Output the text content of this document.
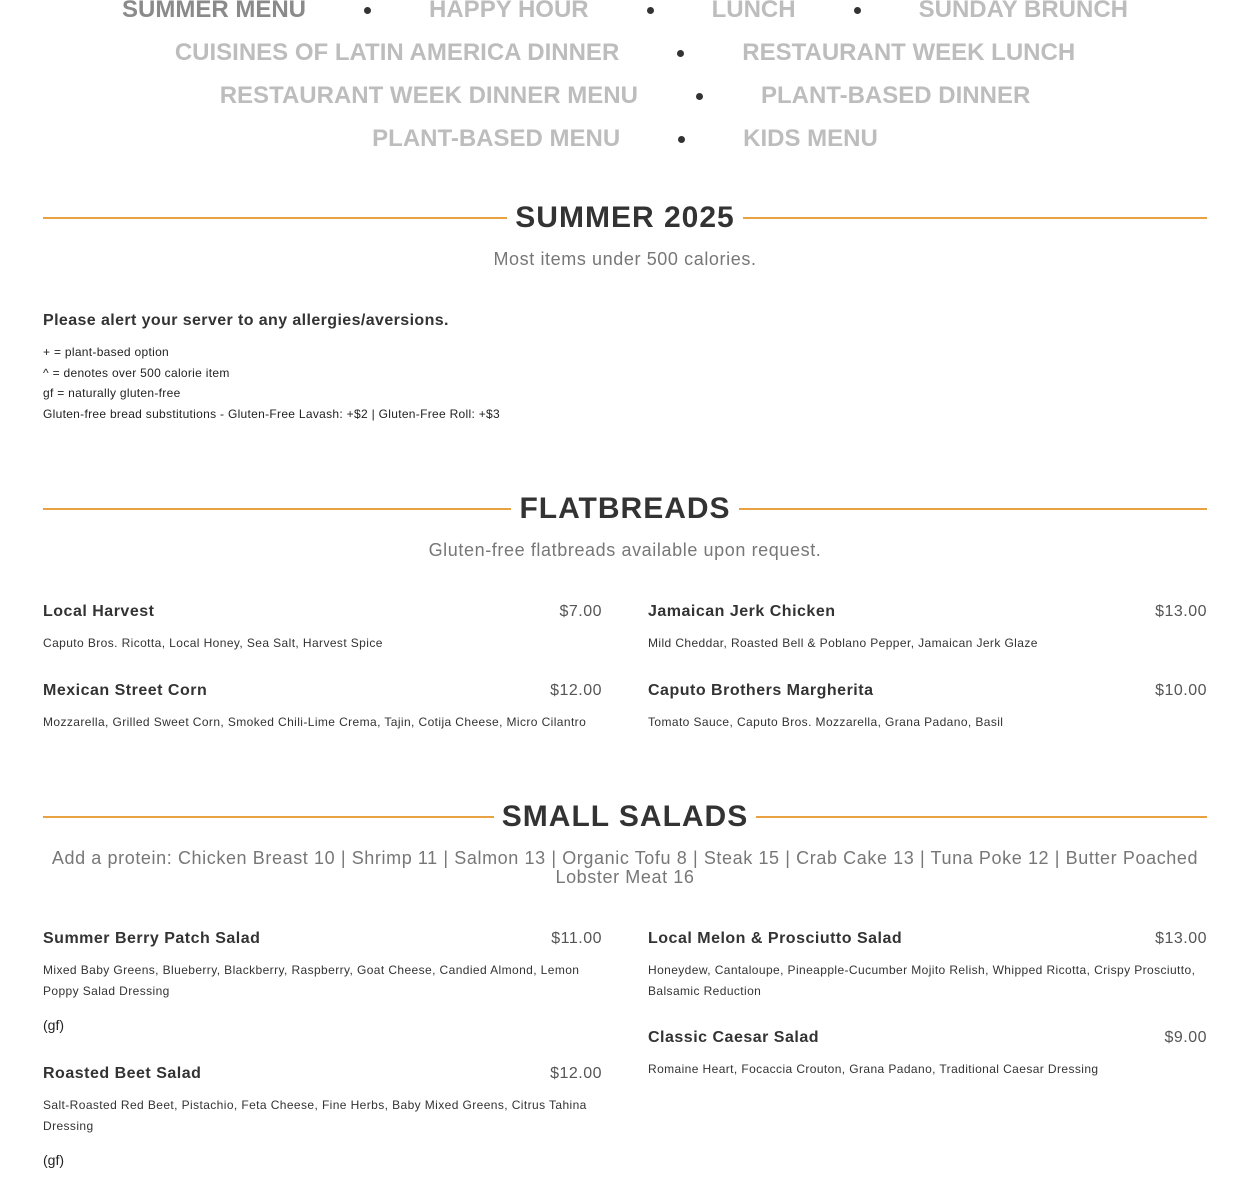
SUMMER MENU	HAPPY HOUR	LUNCH	SUNDAY BRUNCH
CUISINES OF LATIN AMERICA DINNER	RESTAURANT WEEK LUNCH
RESTAURANT WEEK DINNER MENU	PLANT-BASED DINNER
PLANT-BASED MENU	KIDS MENU
SUMMER 2025
Most items under 500 calories.
Please alert your server to any allergies/aversions.
+ = plant-based option
^ = denotes over 500 calorie item
gf = naturally gluten-free
Gluten-free bread substitutions - Gluten-Free Lavash: +$2 | Gluten-Free Roll: +$3
FLATBREADS
Gluten-free flatbreads available upon request.
Local Harvest	$7.00
Caputo Bros. Ricotta, Local Honey, Sea Salt, Harvest Spice
Jamaican Jerk Chicken	$13.00
Mild Cheddar, Roasted Bell & Poblano Pepper, Jamaican Jerk Glaze
Mexican Street Corn	$12.00
Mozzarella, Grilled Sweet Corn, Smoked Chili-Lime Crema, Tajin, Cotija Cheese, Micro Cilantro
Caputo Brothers Margherita	$10.00
Tomato Sauce, Caputo Bros. Mozzarella, Grana Padano, Basil
SMALL SALADS
Add a protein: Chicken Breast 10 | Shrimp 11 | Salmon 13 | Organic Tofu 8 | Steak 15 | Crab Cake 13 | Tuna Poke 12 | Butter Poached Lobster Meat 16
Summer Berry Patch Salad	$11.00
Mixed Baby Greens, Blueberry, Blackberry, Raspberry, Goat Cheese, Candied Almond, Lemon Poppy Salad Dressing
(gf)
Local Melon & Prosciutto Salad	$13.00
Honeydew, Cantaloupe, Pineapple-Cucumber Mojito Relish, Whipped Ricotta, Crispy Prosciutto, Balsamic Reduction
Roasted Beet Salad	$12.00
Salt-Roasted Red Beet, Pistachio, Feta Cheese, Fine Herbs, Baby Mixed Greens, Citrus Tahina Dressing
(gf)
Classic Caesar Salad	$9.00
Romaine Heart, Focaccia Crouton, Grana Padano, Traditional Caesar Dressing
